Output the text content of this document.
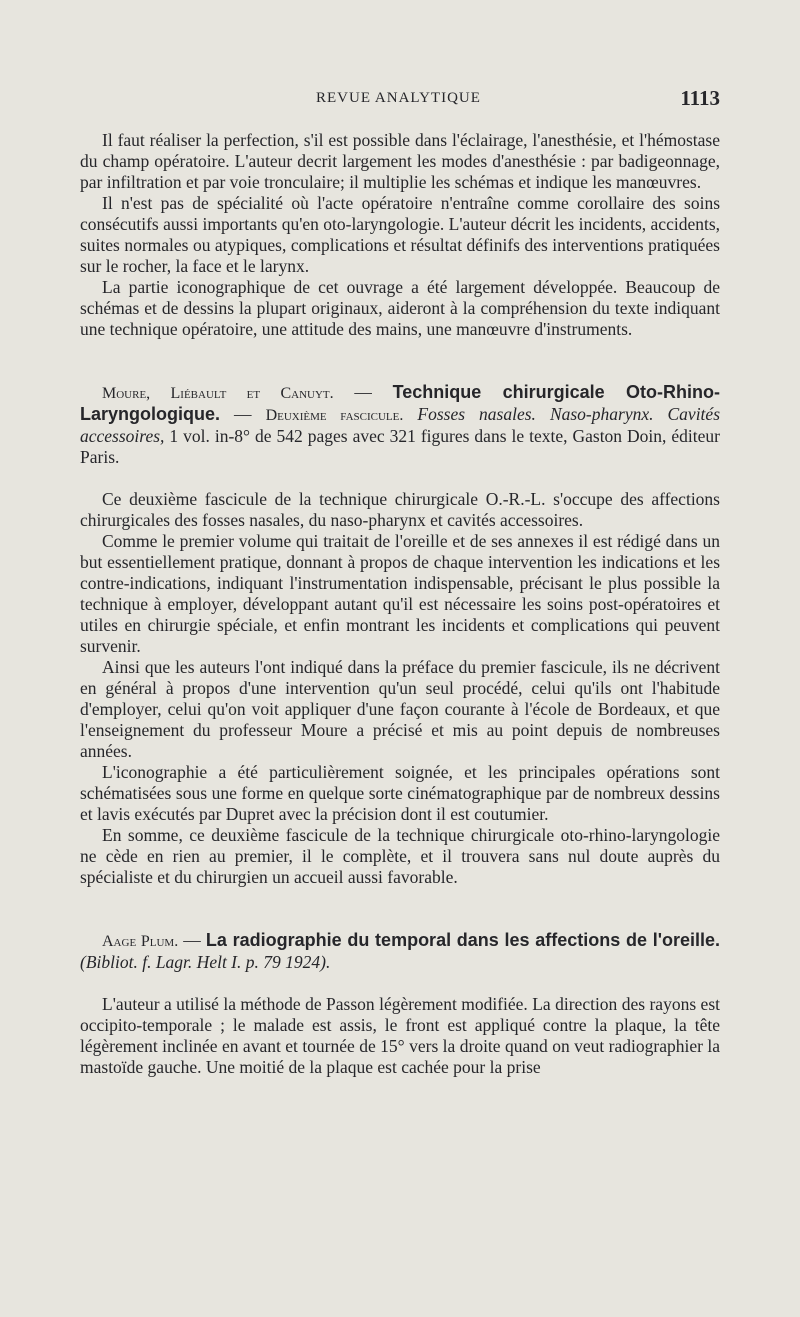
REVUE ANALYTIQUE	1113

Il faut réaliser la perfection, s'il est possible dans l'éclairage, l'anesthésie, et l'hémostase du champ opératoire. L'auteur decrit largement les modes d'anesthésie : par badigeonnage, par infiltration et par voie tronculaire; il multiplie les schémas et indique les manœuvres.

Il n'est pas de spécialité où l'acte opératoire n'entraîne comme corollaire des soins consécutifs aussi importants qu'en oto-laryngologie. L'auteur décrit les incidents, accidents, suites normales ou atypiques, complications et résultat définifs des interventions pratiquées sur le rocher, la face et le larynx.

La partie iconographique de cet ouvrage a été largement développée. Beaucoup de schémas et de dessins la plupart originaux, aideront à la compréhension du texte indiquant une technique opératoire, une attitude des mains, une manœuvre d'instruments.

Moure, Liébault et Canuyt. — Technique chirurgicale Oto-Rhino-Laryngologique. — Deuxième fascicule. Fosses nasales. Naso-pharynx. Cavités accessoires, 1 vol. in-8° de 542 pages avec 321 figures dans le texte, Gaston Doin, éditeur Paris.

Ce deuxième fascicule de la technique chirurgicale O.-R.-L. s'occupe des affections chirurgicales des fosses nasales, du naso-pharynx et cavités accessoires.

Comme le premier volume qui traitait de l'oreille et de ses annexes il est rédigé dans un but essentiellement pratique, donnant à propos de chaque intervention les indications et les contre-indications, indiquant l'instrumentation indispensable, précisant le plus possible la technique à employer, développant autant qu'il est nécessaire les soins post-opératoires et utiles en chirurgie spéciale, et enfin montrant les incidents et complications qui peuvent survenir.

Ainsi que les auteurs l'ont indiqué dans la préface du premier fascicule, ils ne décrivent en général à propos d'une intervention qu'un seul procédé, celui qu'ils ont l'habitude d'employer, celui qu'on voit appliquer d'une façon courante à l'école de Bordeaux, et que l'enseignement du professeur Moure a précisé et mis au point depuis de nombreuses années.

L'iconographie a été particulièrement soignée, et les principales opérations sont schématisées sous une forme en quelque sorte cinématographique par de nombreux dessins et lavis exécutés par Dupret avec la précision dont il est coutumier.

En somme, ce deuxième fascicule de la technique chirurgicale oto-rhino-laryngologie ne cède en rien au premier, il le complète, et il trouvera sans nul doute auprès du spécialiste et du chirurgien un accueil aussi favorable.

Aage Plum. — La radiographie du temporal dans les affections de l'oreille. (Bibliot. f. Lagr. Helt I. p. 79 1924).

L'auteur a utilisé la méthode de Passon légèrement modifiée. La direction des rayons est occipito-temporale ; le malade est assis, le front est appliqué contre la plaque, la tête légèrement inclinée en avant et tournée de 15° vers la droite quand on veut radiographier la mastoïde gauche. Une moitié de la plaque est cachée pour la prise
